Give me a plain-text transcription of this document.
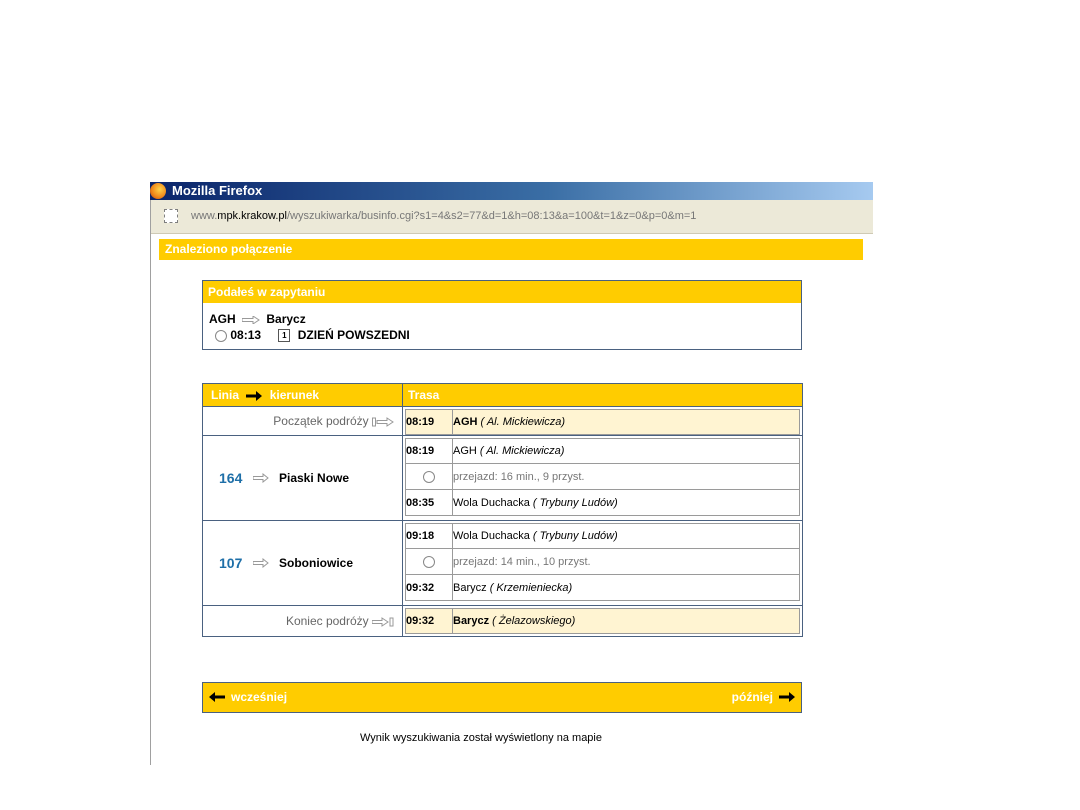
Mozilla Firefox
www.mpk.krakow.pl/wyszukiwarka/businfo.cgi?s1=4&s2=77&d=1&h=08:13&a=100&t=1&z=0&p=0&m=1
Znaleziono połączenie
Podałeś w zapytaniu
AGH	Barycz
08:13	1 DZIEŃ POWSZEDNI
Linia	kierunek	Trasa
Początek podróży		08:19	AGH ( Al. Mickiewicza)

164	Piaski Nowe

08:19	AGH ( Al. Mickiewicza)
	przejazd: 16 min., 9 przyst.
08:35	Wola Duchacka ( Trybuny Ludów)

107	Soboniowice

09:18	Wola Duchacka ( Trybuny Ludów)
	przejazd: 14 min., 10 przyst.
09:32	Barycz ( Krzemieniecka)

Koniec podróży		09:32	Barycz ( Żelazowskiego)
wcześniej	później
Wynik wyszukiwania został wyświetlony na mapie
